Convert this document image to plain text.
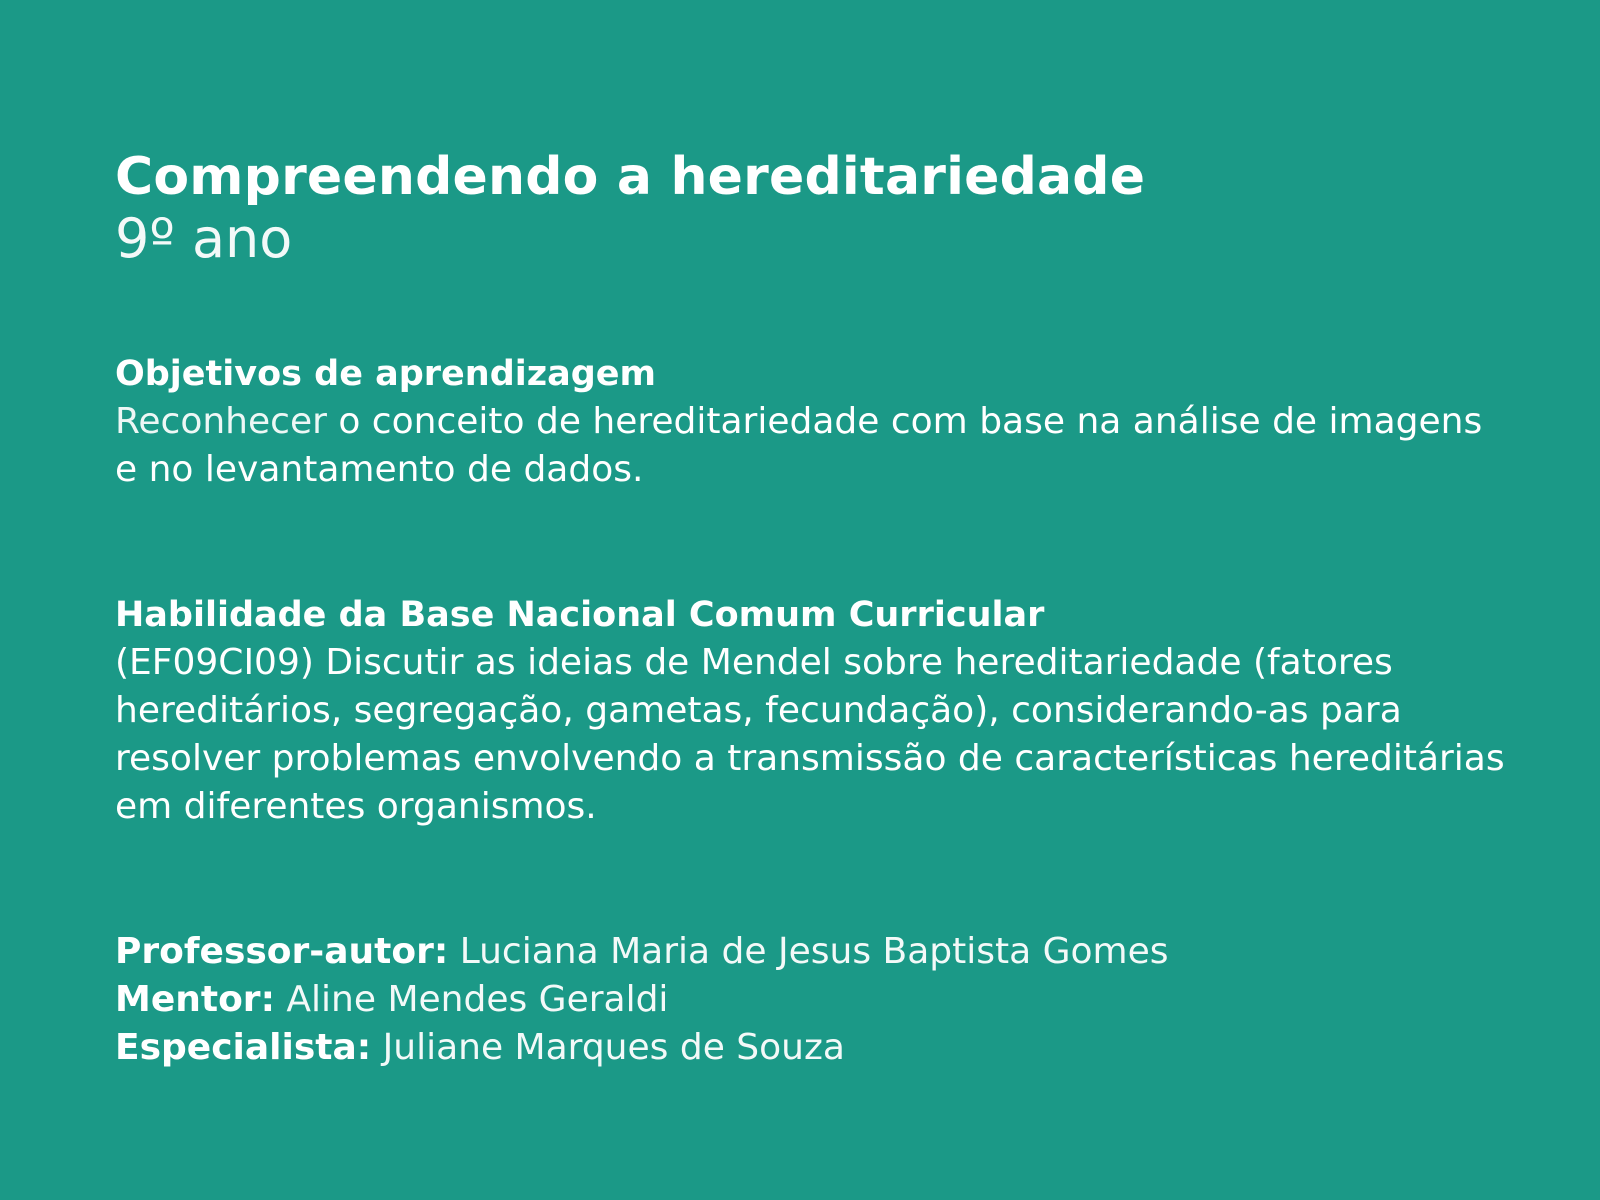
Compreendendo a hereditariedade

9º ano

Objetivos de aprendizagem

Reconhecer o conceito de hereditariedade com base na análise de imagens e no levantamento de dados.

Habilidade da Base Nacional Comum Curricular

(EF09CI09) Discutir as ideias de Mendel sobre hereditariedade (fatores hereditários, segregação, gametas, fecundação), considerando-as para resolver problemas envolvendo a transmissão de características hereditárias em diferentes organismos.

Professor-autor: Luciana Maria de Jesus Baptista Gomes

Mentor: Aline Mendes Geraldi

Especialista: Juliane Marques de Souza
